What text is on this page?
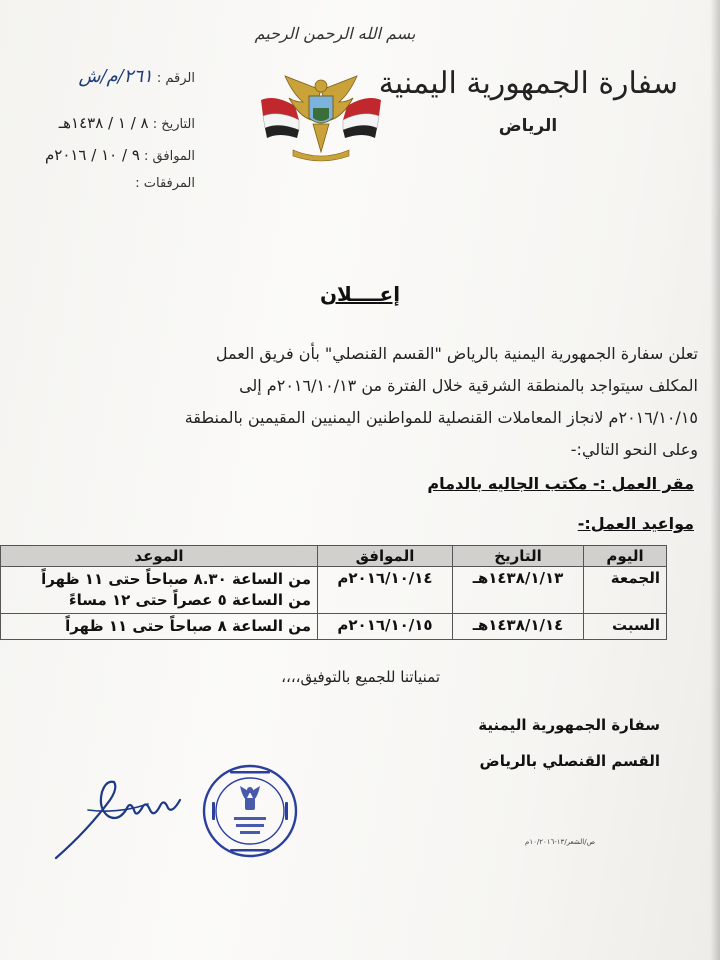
بسم الله الرحمن الرحيم
سفارة الجمهورية اليمنية
الرياض
الرقم : ٢٦١/م/ش
التاريخ : ٨ / ١ / ١٤٣٨هـ
الموافق : ٩ / ١٠ / ٢٠١٦م
المرفقات :
إعــــلان
تعلن سفارة الجمهورية اليمنية بالرياض "القسم القنصلي" بأن فريق العمل
المكلف سيتواجد بالمنطقة الشرقية خلال الفترة من ٢٠١٦/١٠/١٣م إلى
٢٠١٦/١٠/١٥م لانجاز المعاملات القنصلية للمواطنين اليمنيين المقيمين بالمنطقة
وعلى النحو التالي:-
مقر العمل :- مكتب الجاليه بالدمام
مواعيد العمل:-
اليوم	التاريخ	الموافق	الموعد
الجمعة	١٤٣٨/١/١٣هـ	٢٠١٦/١٠/١٤م	من الساعة ٨.٣٠ صباحاً حتى ١١ ظهراً
من الساعة ٥ عصراً حتى ١٢ مساءً

السبت	١٤٣٨/١/١٤هـ	٢٠١٦/١٠/١٥م	من الساعة ٨ صباحاً حتى ١١ ظهراً
تمنياتنا للجميع بالتوفيق،،،،
سفارة الجمهورية اليمنية
القسم القنصلي بالرياض
ص/الشعر/١٣-١٠/٢٠١٦م
